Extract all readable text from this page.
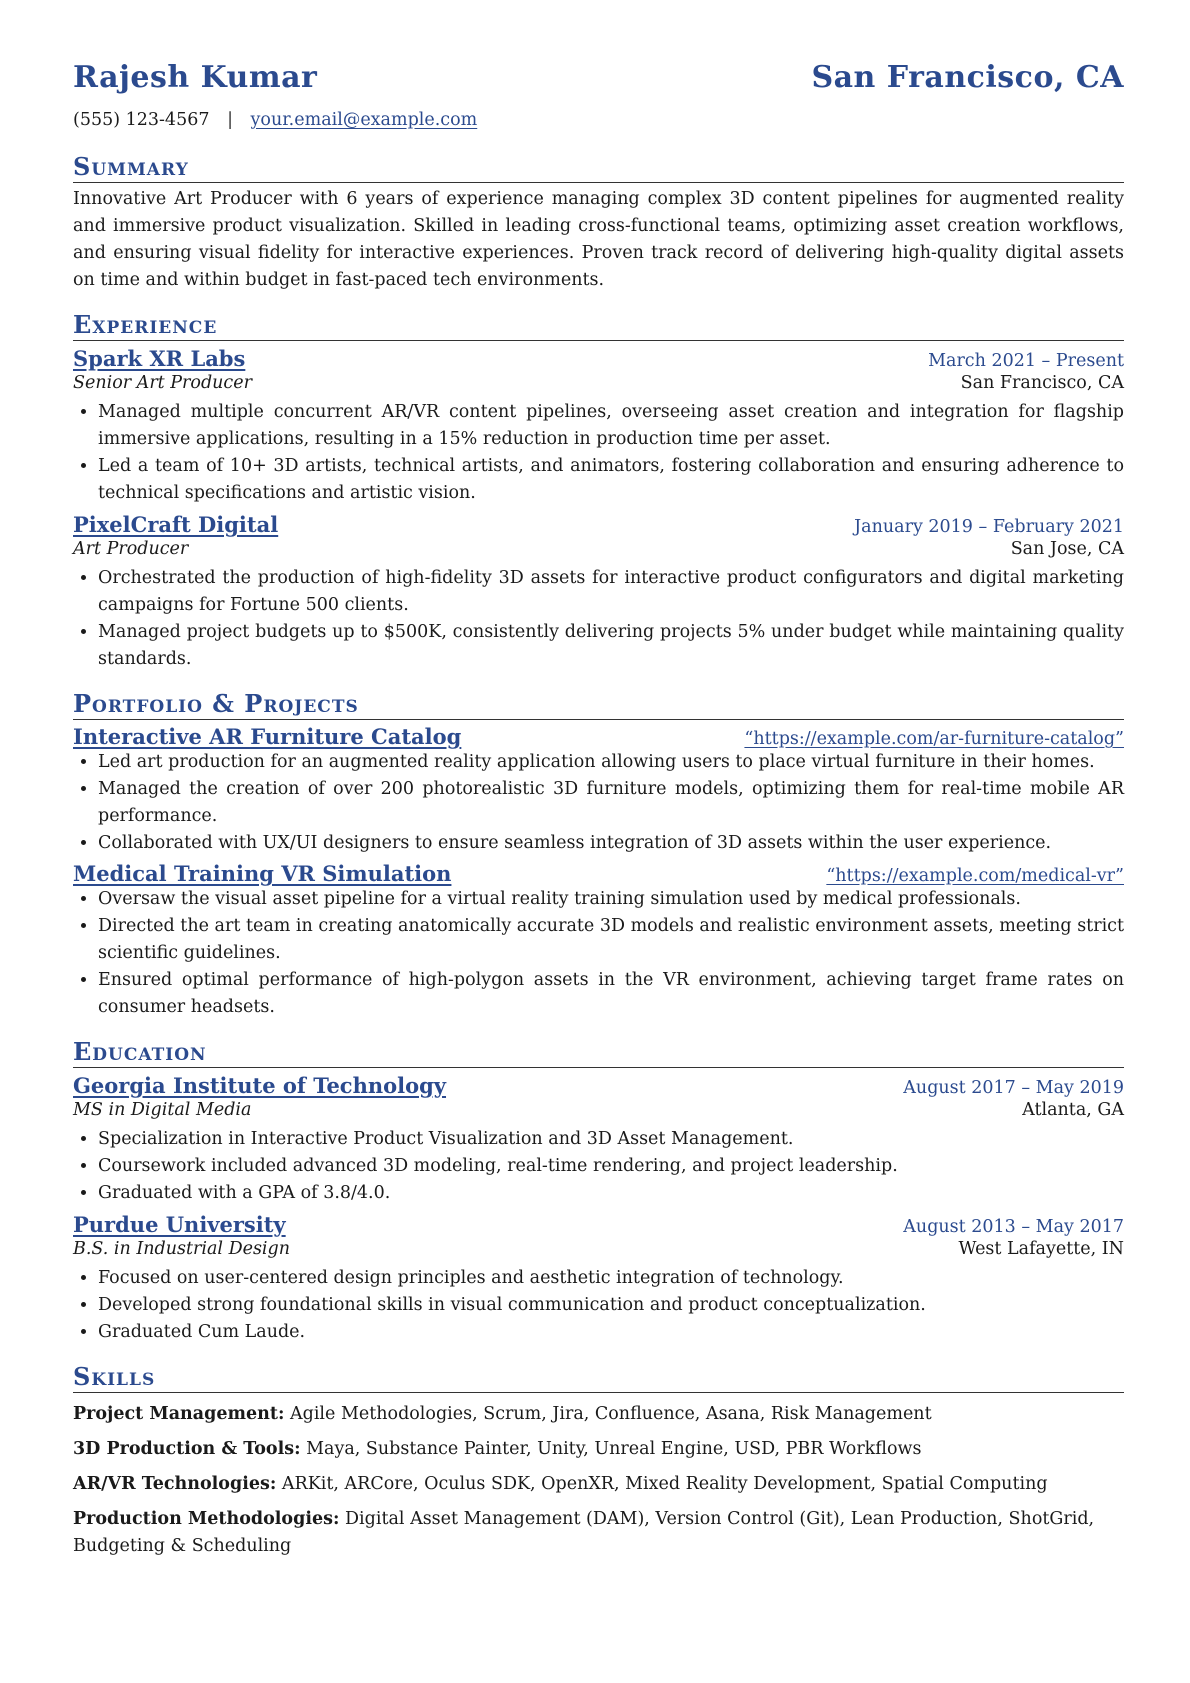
Rajesh Kumar	San Francisco, CA
(555) 123-4567 | your.email@example.com
Summary
Innovative Art Producer with 6 years of experience managing complex 3D content pipelines for augmented reality and immersive product visualization. Skilled in leading cross-functional teams, optimizing asset creation workflows, and ensuring visual fidelity for interactive experiences. Proven track record of delivering high-quality digital assets on time and within budget in fast-paced tech environments.
Experience
Spark XR Labs	March 2021 – Present
Senior Art Producer	San Francisco, CA
• Managed multiple concurrent AR/VR content pipelines, overseeing asset creation and integration for flagship immersive applications, resulting in a 15% reduction in production time per asset.
• Led a team of 10+ 3D artists, technical artists, and animators, fostering collaboration and ensuring adherence to technical specifications and artistic vision.
PixelCraft Digital	January 2019 – February 2021
Art Producer	San Jose, CA
• Orchestrated the production of high-fidelity 3D assets for interactive product configurators and digital marketing campaigns for Fortune 500 clients.
• Managed project budgets up to $500K, consistently delivering projects 5% under budget while maintaining quality standards.
Portfolio & Projects
Interactive AR Furniture Catalog	“https://example.com/ar-furniture-catalog”
• Led art production for an augmented reality application allowing users to place virtual furniture in their homes.
• Managed the creation of over 200 photorealistic 3D furniture models, optimizing them for real-time mobile AR performance.
• Collaborated with UX/UI designers to ensure seamless integration of 3D assets within the user experience.
Medical Training VR Simulation	“https://example.com/medical-vr”
• Oversaw the visual asset pipeline for a virtual reality training simulation used by medical professionals.
• Directed the art team in creating anatomically accurate 3D models and realistic environment assets, meeting strict scientific guidelines.
• Ensured optimal performance of high-polygon assets in the VR environment, achieving target frame rates on consumer headsets.
Education
Georgia Institute of Technology	August 2017 – May 2019
MS in Digital Media	Atlanta, GA
• Specialization in Interactive Product Visualization and 3D Asset Management.
• Coursework included advanced 3D modeling, real-time rendering, and project leadership.
• Graduated with a GPA of 3.8/4.0.
Purdue University	August 2013 – May 2017
B.S. in Industrial Design	West Lafayette, IN
• Focused on user-centered design principles and aesthetic integration of technology.
• Developed strong foundational skills in visual communication and product conceptualization.
• Graduated Cum Laude.
Skills
Project Management: Agile Methodologies, Scrum, Jira, Confluence, Asana, Risk Management
3D Production & Tools: Maya, Substance Painter, Unity, Unreal Engine, USD, PBR Workflows
AR/VR Technologies: ARKit, ARCore, Oculus SDK, OpenXR, Mixed Reality Development, Spatial Computing
Production Methodologies: Digital Asset Management (DAM), Version Control (Git), Lean Production, ShotGrid, Budgeting & Scheduling
